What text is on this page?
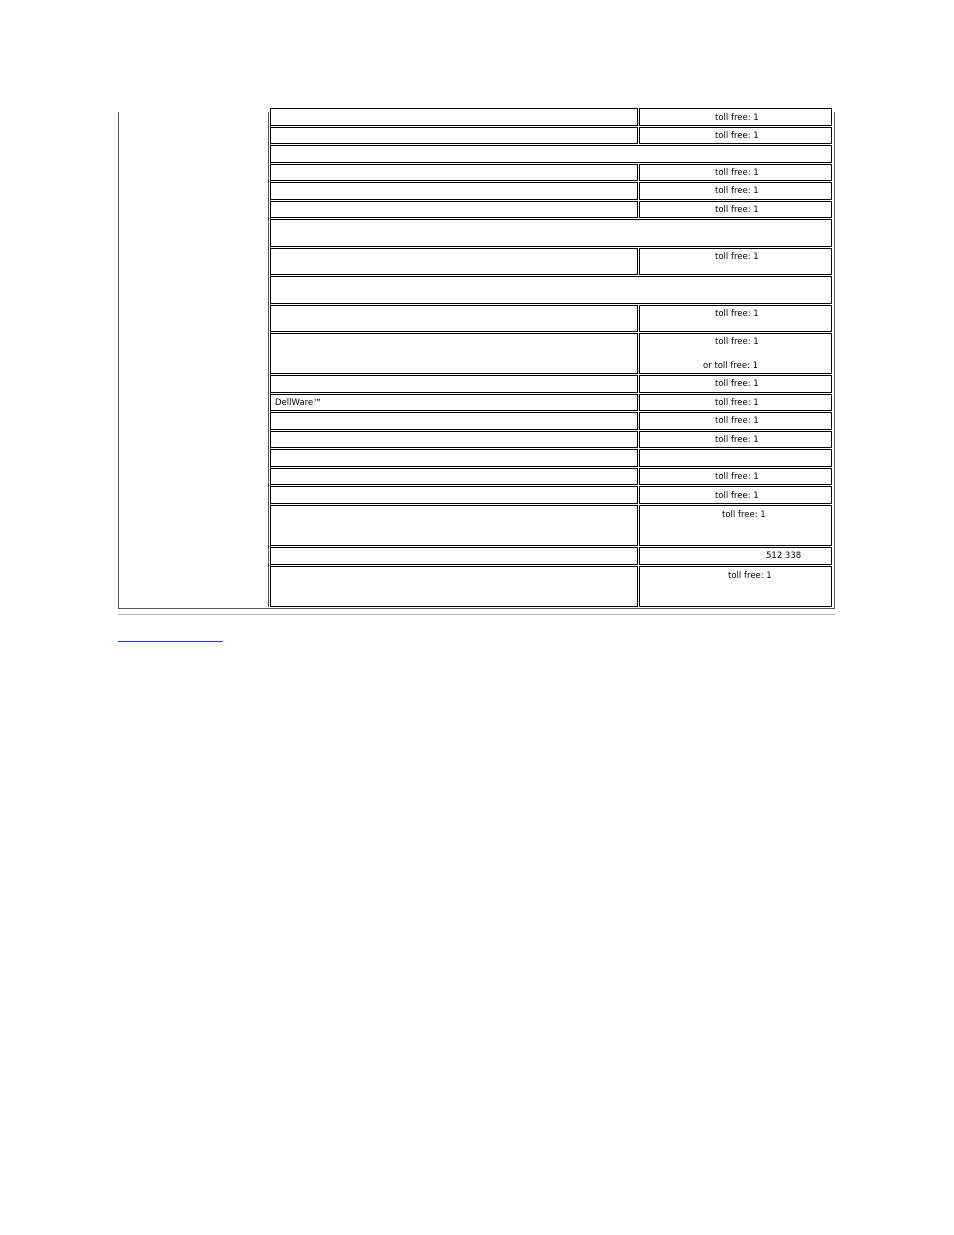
toll free: 1
toll free: 1
toll free: 1
toll free: 1
toll free: 1
toll free: 1
toll free: 1
toll free: 1
or toll free: 1
toll free: 1
DellWare™	toll free: 1
toll free: 1
toll free: 1
toll free: 1
toll free: 1
toll free: 1
512 338
toll free: 1
